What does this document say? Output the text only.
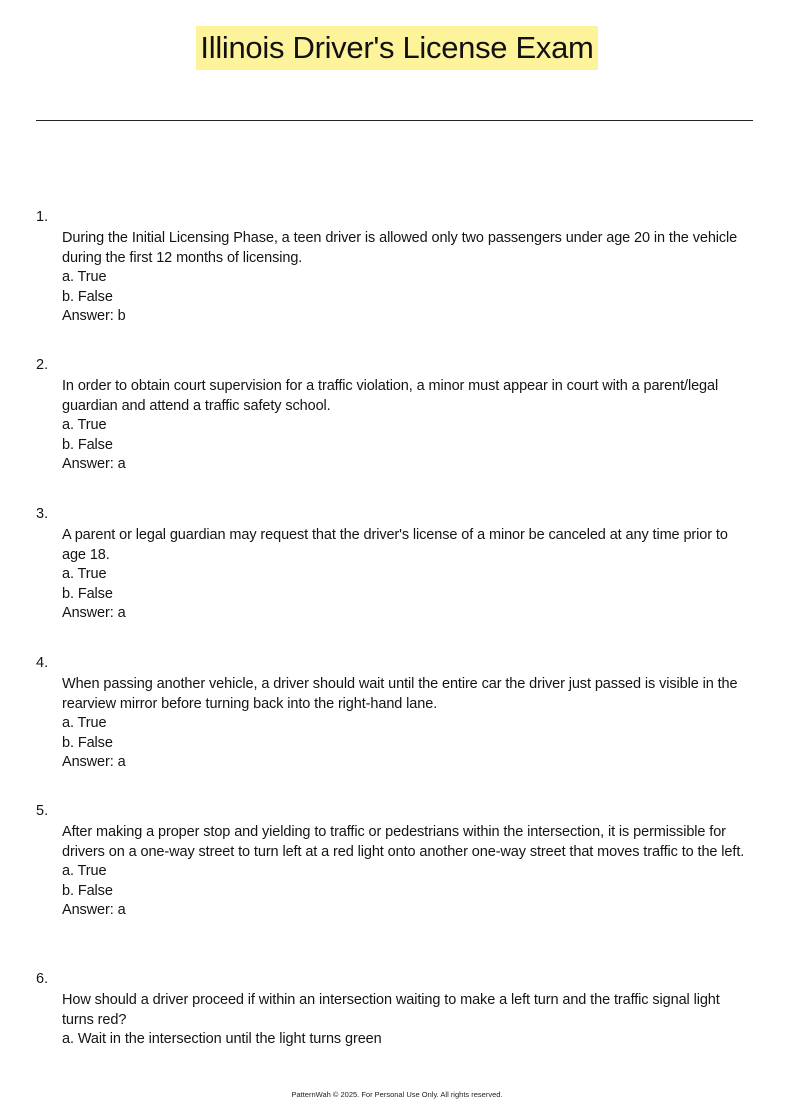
Illinois Driver's License Exam
1.
During the Initial Licensing Phase, a teen driver is allowed only two passengers under age 20 in the vehicle during the first 12 months of licensing.
a. True
b. False
Answer: b
2.
In order to obtain court supervision for a traffic violation, a minor must appear in court with a parent/legal guardian and attend a traffic safety school.
a. True
b. False
Answer: a
3.
A parent or legal guardian may request that the driver's license of a minor be canceled at any time prior to age 18.
a. True
b. False
Answer: a
4.
When passing another vehicle, a driver should wait until the entire car the driver just passed is visible in the rearview mirror before turning back into the right-hand lane.
a. True
b. False
Answer: a
5.
After making a proper stop and yielding to traffic or pedestrians within the intersection, it is permissible for drivers on a one-way street to turn left at a red light onto another one-way street that moves traffic to the left.
a. True
b. False
Answer: a
6.
How should a driver proceed if within an intersection waiting to make a left turn and the traffic signal light turns red?
a. Wait in the intersection until the light turns green
PatternWah © 2025. For Personal Use Only. All rights reserved.
